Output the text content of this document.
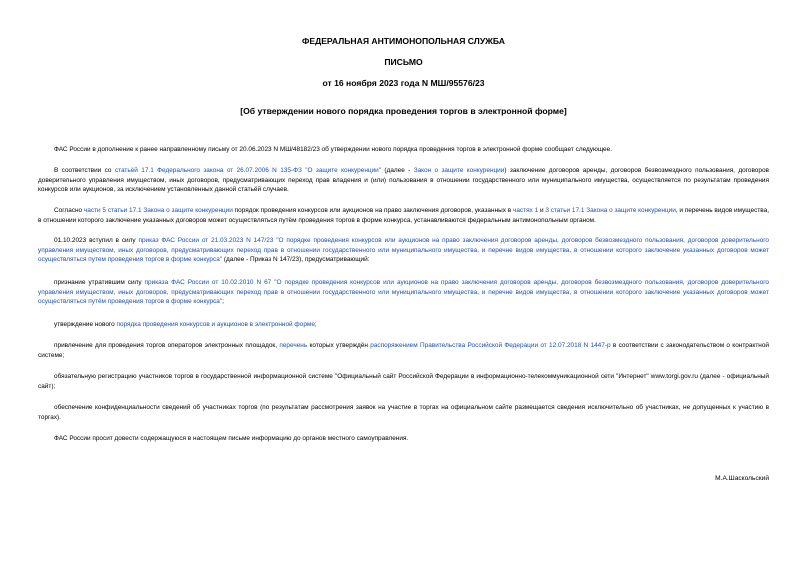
ФЕДЕРАЛЬНАЯ АНТИМОНОПОЛЬНАЯ СЛУЖБА
ПИСЬМО
от 16 ноября 2023 года N МШ/95576/23
[Об утверждении нового порядка проведения торгов в электронной форме]

ФАС России в дополнение к ранее направленному письму от 20.06.2023 N МШ/48182/23 об утверждении нового порядка проведения торгов в электронной форме сообщает следующее.

В соответствии со статьёй 17.1 Федерального закона от 26.07.2006 N 135-ФЗ "О защите конкуренции" (далее - Закон о защите конкуренции) заключение договоров аренды, договоров безвозмездного пользования, договоров доверительного управления имуществом, иных договоров, предусматривающих переход прав владения и (или) пользования в отношении государственного или муниципального имущества, осуществляется по результатам проведения конкурсов или аукционов, за исключением установленных данной статьёй случаев.

Согласно части 5 статьи 17.1 Закона о защите конкуренции порядок проведения конкурсов или аукционов на право заключения договоров, указанных в частях 1 и 3 статьи 17.1 Закона о защите конкуренции, и перечень видов имущества, в отношении которого заключение указанных договоров может осуществляться путём проведения торгов в форме конкурса, устанавливаются федеральным антимонопольным органом.

01.10.2023 вступил в силу приказ ФАС России от 21.03.2023 N 147/23 "О порядке проведения конкурсов или аукционов на право заключения договоров аренды, договоров безвозмездного пользования, договоров доверительного управления имуществом, иных договоров, предусматривающих переход прав в отношении государственного или муниципального имущества, и перечне видов имущества, в отношении которого заключение указанных договоров может осуществляться путем проведения торгов в форме конкурса" (далее - Приказ N 147/23), предусматривающий:

признание утратившим силу приказа ФАС России от 10.02.2010 N 67 "О порядке проведения конкурсов или аукционов на право заключения договоров аренды, договоров безвозмездного пользования, договоров доверительного управления имуществом, иных договоров, предусматривающих переход прав в отношении государственного или муниципального имущества, и перечне видов имущества, в отношении которого заключение указанных договоров может осуществляться путём проведения торгов в форме конкурса";

утверждение нового порядка проведения конкурсов и аукционов в электронной форме;

привлечение для проведения торгов операторов электронных площадок, перечень которых утверждён распоряжением Правительства Российской Федерации от 12.07.2018 N 1447-р в соответствии с законодательством о контрактной системе;

обязательную регистрацию участников торгов в государственной информационной системе "Официальный сайт Российской Федерации в информационно-телекоммуникационной сети "Интернет" www.torgi.gov.ru (далее - официальный сайт);

обеспечение конфиденциальности сведений об участниках торгов (по результатам рассмотрения заявок на участие в торгах на официальном сайте размещается сведения исключительно об участниках, не допущенных к участию в торгах).

ФАС России просит довести содержащуюся в настоящем письме информацию до органов местного самоуправления.

М.А.Шаскольский
